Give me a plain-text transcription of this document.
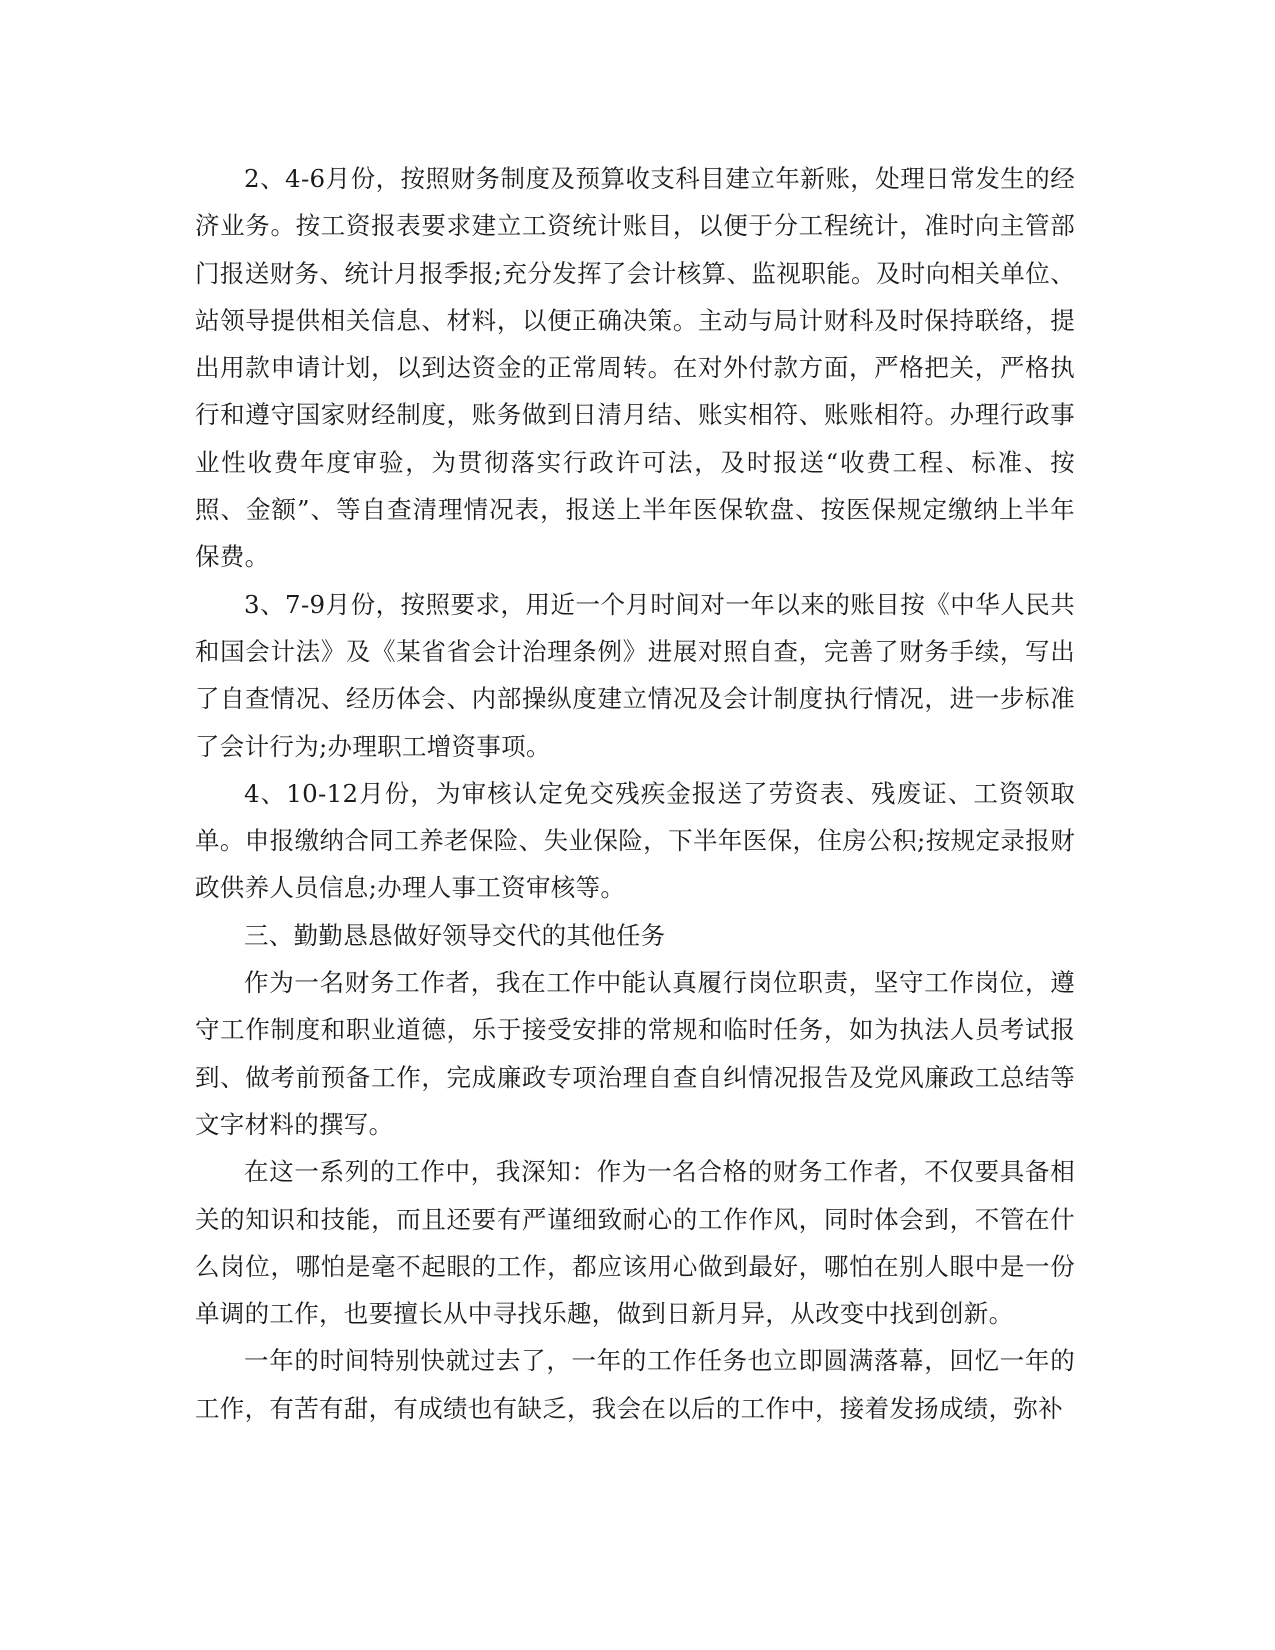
2、4-6月份，按照财务制度及预算收支科目建立年新账，处理日常发生的经济业务。按工资报表要求建立工资统计账目，以便于分工程统计，准时向主管部门报送财务、统计月报季报;充分发挥了会计核算、监视职能。及时向相关单位、站领导提供相关信息、材料，以便正确决策。主动与局计财科及时保持联络，提出用款申请计划，以到达资金的正常周转。在对外付款方面，严格把关，严格执行和遵守国家财经制度，账务做到日清月结、账实相符、账账相符。办理行政事业性收费年度审验，为贯彻落实行政许可法，及时报送“收费工程、标准、按照、金额”、等自查清理情况表，报送上半年医保软盘、按医保规定缴纳上半年保费。

3、7-9月份，按照要求，用近一个月时间对一年以来的账目按《中华人民共和国会计法》及《某省省会计治理条例》进展对照自查，完善了财务手续，写出了自查情况、经历体会、内部操纵度建立情况及会计制度执行情况，进一步标准了会计行为;办理职工增资事项。

4、10-12月份，为审核认定免交残疾金报送了劳资表、残废证、工资领取单。申报缴纳合同工养老保险、失业保险，下半年医保，住房公积;按规定录报财政供养人员信息;办理人事工资审核等。

三、勤勤恳恳做好领导交代的其他任务

作为一名财务工作者，我在工作中能认真履行岗位职责，坚守工作岗位，遵守工作制度和职业道德，乐于接受安排的常规和临时任务，如为执法人员考试报到、做考前预备工作，完成廉政专项治理自查自纠情况报告及党风廉政工总结等文字材料的撰写。

在这一系列的工作中，我深知：作为一名合格的财务工作者，不仅要具备相关的知识和技能，而且还要有严谨细致耐心的工作作风，同时体会到，不管在什么岗位，哪怕是毫不起眼的工作，都应该用心做到最好，哪怕在别人眼中是一份单调的工作，也要擅长从中寻找乐趣，做到日新月异，从改变中找到创新。

一年的时间特别快就过去了，一年的工作任务也立即圆满落幕，回忆一年的工作，有苦有甜，有成绩也有缺乏，我会在以后的工作中，接着发扬成绩，弥补
